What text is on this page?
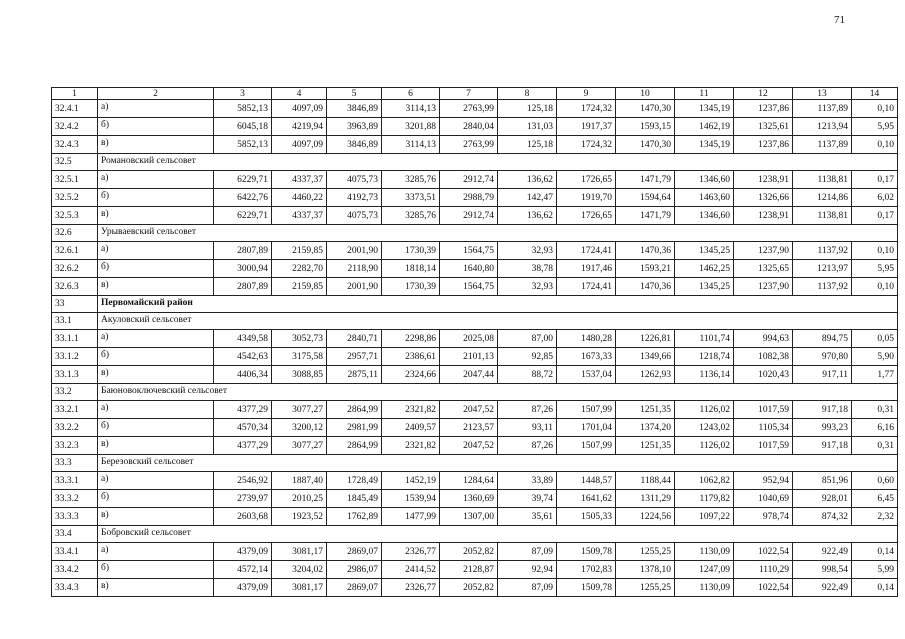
71
1	2	3	4	5	6	7	8	9	10	11	12	13	14
32.4.1	а)	5852,13	4097,09	3846,89	3114,13	2763,99	125,18	1724,32	1470,30	1345,19	1237,86	1137,89	0,10
32.4.2	б)	6045,18	4219,94	3963,89	3201,88	2840,04	131,03	1917,37	1593,15	1462,19	1325,61	1213,94	5,95
32.4.3	в)	5852,13	4097,09	3846,89	3114,13	2763,99	125,18	1724,32	1470,30	1345,19	1237,86	1137,89	0,10
32.5	Романовский сельсовет												
32.5.1	а)	6229,71	4337,37	4075,73	3285,76	2912,74	136,62	1726,65	1471,79	1346,60	1238,91	1138,81	0,17
32.5.2	б)	6422,76	4460,22	4192,73	3373,51	2988,79	142,47	1919,70	1594,64	1463,60	1326,66	1214,86	6,02
32.5.3	в)	6229,71	4337,37	4075,73	3285,76	2912,74	136,62	1726,65	1471,79	1346,60	1238,91	1138,81	0,17
32.6	Урываевский сельсовет												
32.6.1	а)	2807,89	2159,85	2001,90	1730,39	1564,75	32,93	1724,41	1470,36	1345,25	1237,90	1137,92	0,10
32.6.2	б)	3000,94	2282,70	2118,90	1818,14	1640,80	38,78	1917,46	1593,21	1462,25	1325,65	1213,97	5,95
32.6.3	в)	2807,89	2159,85	2001,90	1730,39	1564,75	32,93	1724,41	1470,36	1345,25	1237,90	1137,92	0,10
33	Первомайский район												
33.1	Акуловский сельсовет												
33.1.1	а)	4349,58	3052,73	2840,71	2298,86	2025,08	87,00	1480,28	1226,81	1101,74	994,63	894,75	0,05
33.1.2	б)	4542,63	3175,58	2957,71	2386,61	2101,13	92,85	1673,33	1349,66	1218,74	1082,38	970,80	5,90
33.1.3	в)	4406,34	3088,85	2875,11	2324,66	2047,44	88,72	1537,04	1262,93	1136,14	1020,43	917,11	1,77
33.2	Баюновоключевский сельсовет												
33.2.1	а)	4377,29	3077,27	2864,99	2321,82	2047,52	87,26	1507,99	1251,35	1126,02	1017,59	917,18	0,31
33.2.2	б)	4570,34	3200,12	2981,99	2409,57	2123,57	93,11	1701,04	1374,20	1243,02	1105,34	993,23	6,16
33.2.3	в)	4377,29	3077,27	2864,99	2321,82	2047,52	87,26	1507,99	1251,35	1126,02	1017,59	917,18	0,31
33.3	Березовский сельсовет												
33.3.1	а)	2546,92	1887,40	1728,49	1452,19	1284,64	33,89	1448,57	1188,44	1062,82	952,94	851,96	0,60
33.3.2	б)	2739,97	2010,25	1845,49	1539,94	1360,69	39,74	1641,62	1311,29	1179,82	1040,69	928,01	6,45
33.3.3	в)	2603,68	1923,52	1762,89	1477,99	1307,00	35,61	1505,33	1224,56	1097,22	978,74	874,32	2,32
33.4	Бобровский сельсовет												
33.4.1	а)	4379,09	3081,17	2869,07	2326,77	2052,82	87,09	1509,78	1255,25	1130,09	1022,54	922,49	0,14
33.4.2	б)	4572,14	3204,02	2986,07	2414,52	2128,87	92,94	1702,83	1378,10	1247,09	1110,29	998,54	5,99
33.4.3	в)	4379,09	3081,17	2869,07	2326,77	2052,82	87,09	1509,78	1255,25	1130,09	1022,54	922,49	0,14
